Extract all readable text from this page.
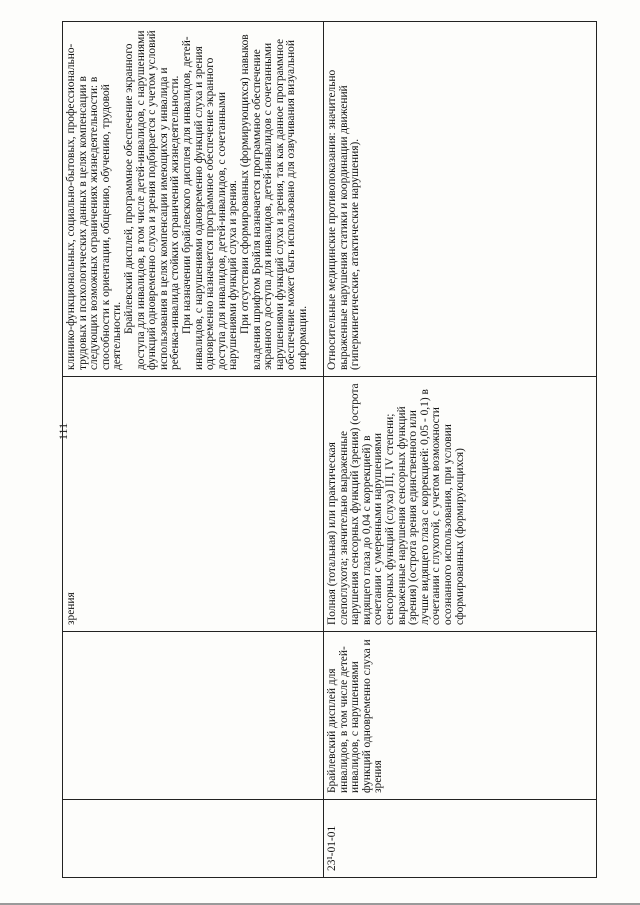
111
		зрения	клинико-функциональных, социально-бытовых, профессионально-трудовых и психологических данных в целях компенсации в следующих возможных ограничениях жизнедеятельности: в способности к ориентации, общению, обучению, трудовой деятельности.

Брайлевский дисплей, программное обеспечение экранного доступа для инвалидов, в том числе детей-инвалидов, с нарушениями функций одновременно слуха и зрения подбирается с учетом условий использования в целях компенсации имеющихся у инвалида и ребенка-инвалида стойких ограничений жизнедеятельности. При назначении брайлевского дисплея для инвалидов, детей-инвалидов, с нарушениями одновременно функций слуха и зрения одновременно назначается программное обеспечение экранного доступа для инвалидов, детей-инвалидов, с сочетанными нарушениями функций слуха и зрения. При отсутствии сформированных (формирующихся) навыков владения шрифтом Брайля назначается программное обеспечение экранного доступа для инвалидов, детей-инвалидов с сочетанными нарушениями функций слуха и зрения, так как данное программное обеспечение может быть использовано для озвучивания визуальной информации.

23¹-01-01	Брайлевский дисплей для инвалидов, в том числе детей-инвалидов, с нарушениями функций одновременно слуха и зрения	Полная (тотальная) или практическая слепоглухота; значительно выраженные нарушения сенсорных функций (зрения) (острота видящего глаза до 0,04 с коррекцией) в сочетании с умеренными нарушениями сенсорных функций (слуха) III, IV степени; выраженные нарушения сенсорных функций (зрения) (острота зрения единственного или лучше видящего глаза с коррекцией: 0,05 - 0,1) в сочетании с глухотой, с учетом возможности осознанного использования, при условии сформированных (формирующихся)	Относительные медицинские противопоказания: значительно выраженные нарушения статики и координации движений (гиперкинетические, атактические нарушения).
